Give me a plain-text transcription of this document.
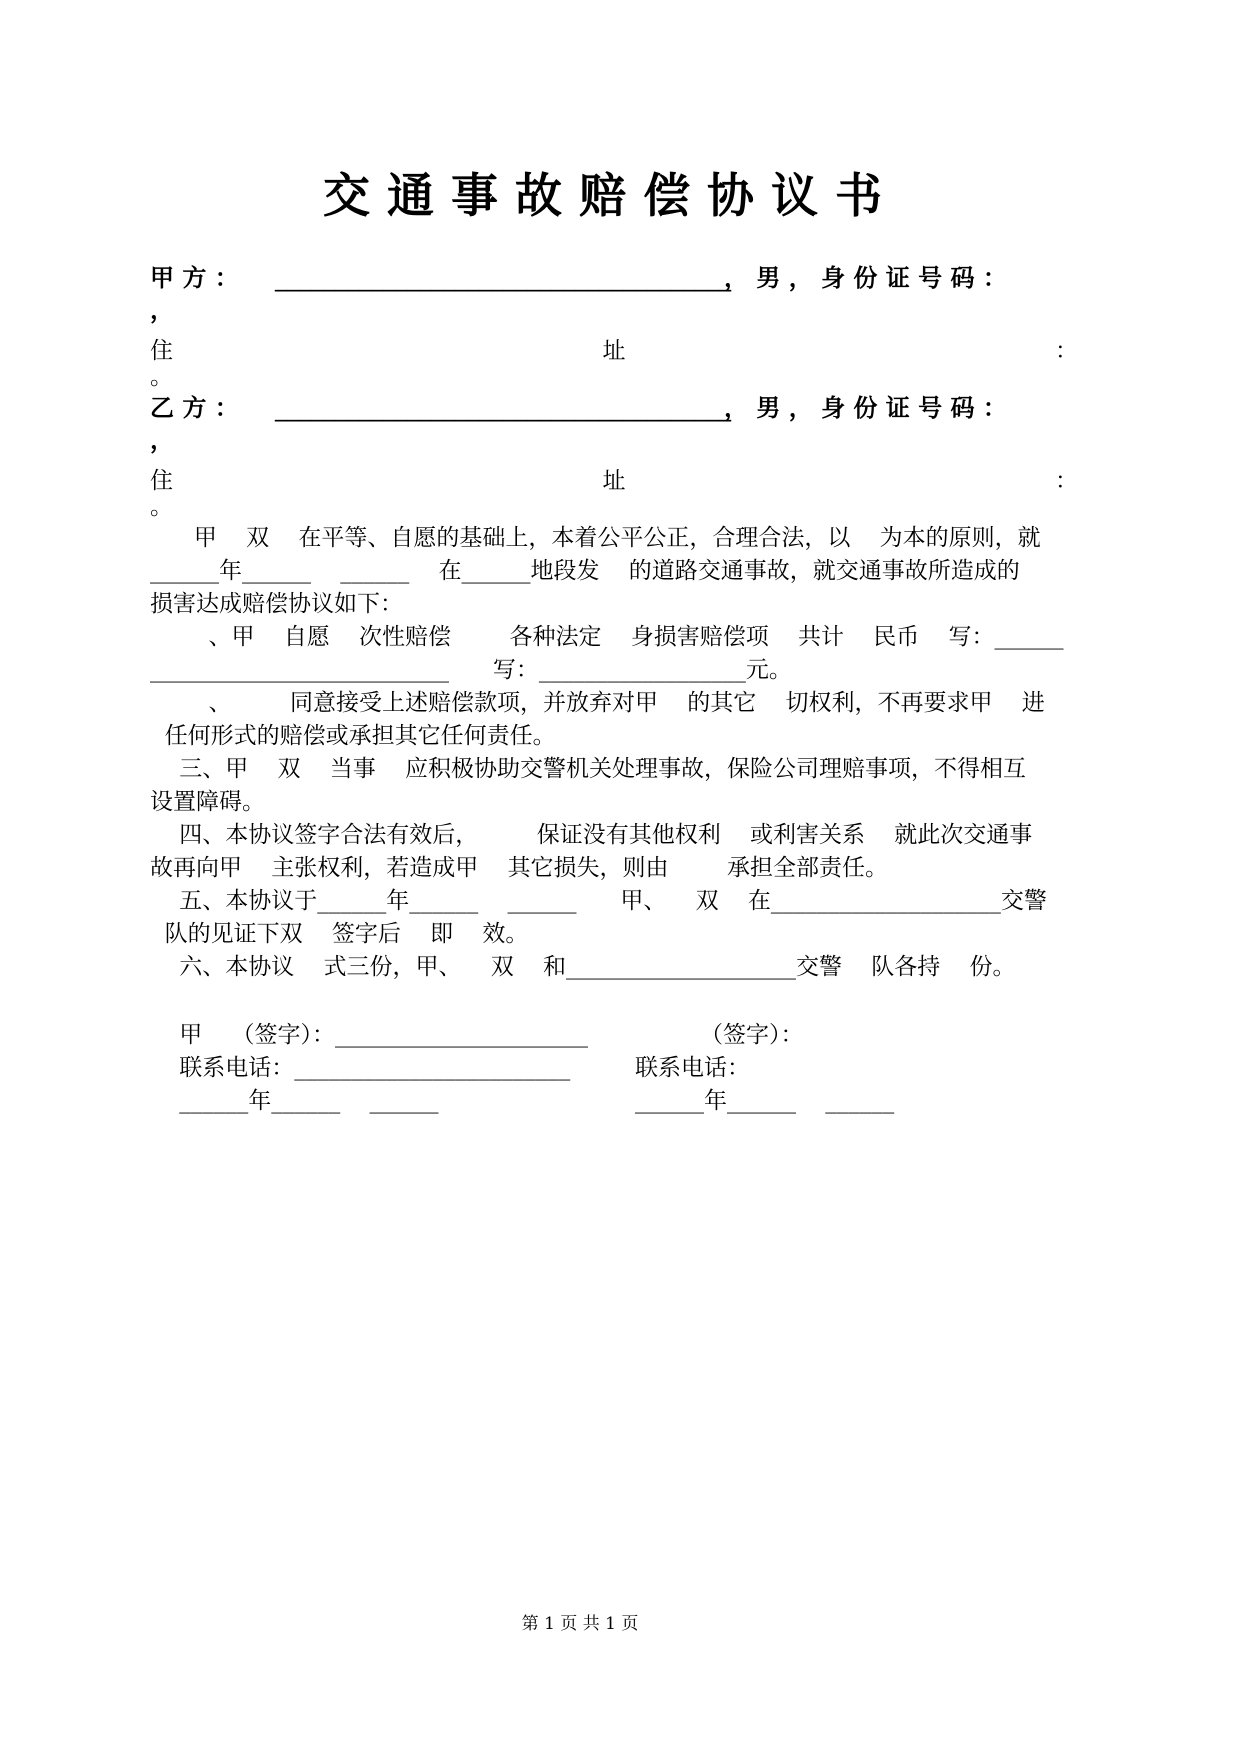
交通事故赔偿协议书
甲 方 ： ______________________________________
， 男 ， 身 份 证 号 码 ：
，
住	址	：
。
乙 方 ： ______________________________________
， 男 ， 身 份 证 号 码 ：
，
住	址	：
。
甲    双    在平等、自愿的基础上，本着公平公正，合理合法，以    为本的原则，就
______年______    ______    在______地段发    的道路交通事故，就交通事故所造成的
损害达成赔偿协议如下：
、甲    自愿    次性赔偿        各种法定    身损害赔偿项    共计    民币    写：______
__________________________      写：__________________元。
、        同意接受上述赔偿款项，并放弃对甲    的其它    切权利，不再要求甲    进
任何形式的赔偿或承担其它任何责任。
三、甲    双    当事    应积极协助交警机关处理事故，保险公司理赔事项，不得相互
设置障碍。
四、本协议签字合法有效后，        保证没有其他权利    或利害关系    就此次交通事
故再向甲    主张权利，若造成甲    其它损失，则由        承担全部责任。
五、本协议于______年______    ______      甲、    双    在____________________交警
队的见证下双    签字后    即    效。
六、本协议    式三份，甲、    双    和____________________交警    队各持    份。
甲    （签字）：______________________	（签字）：
联系电话：________________________	联系电话：
______年______    ______	______年______    ______
第 1 页 共 1 页
